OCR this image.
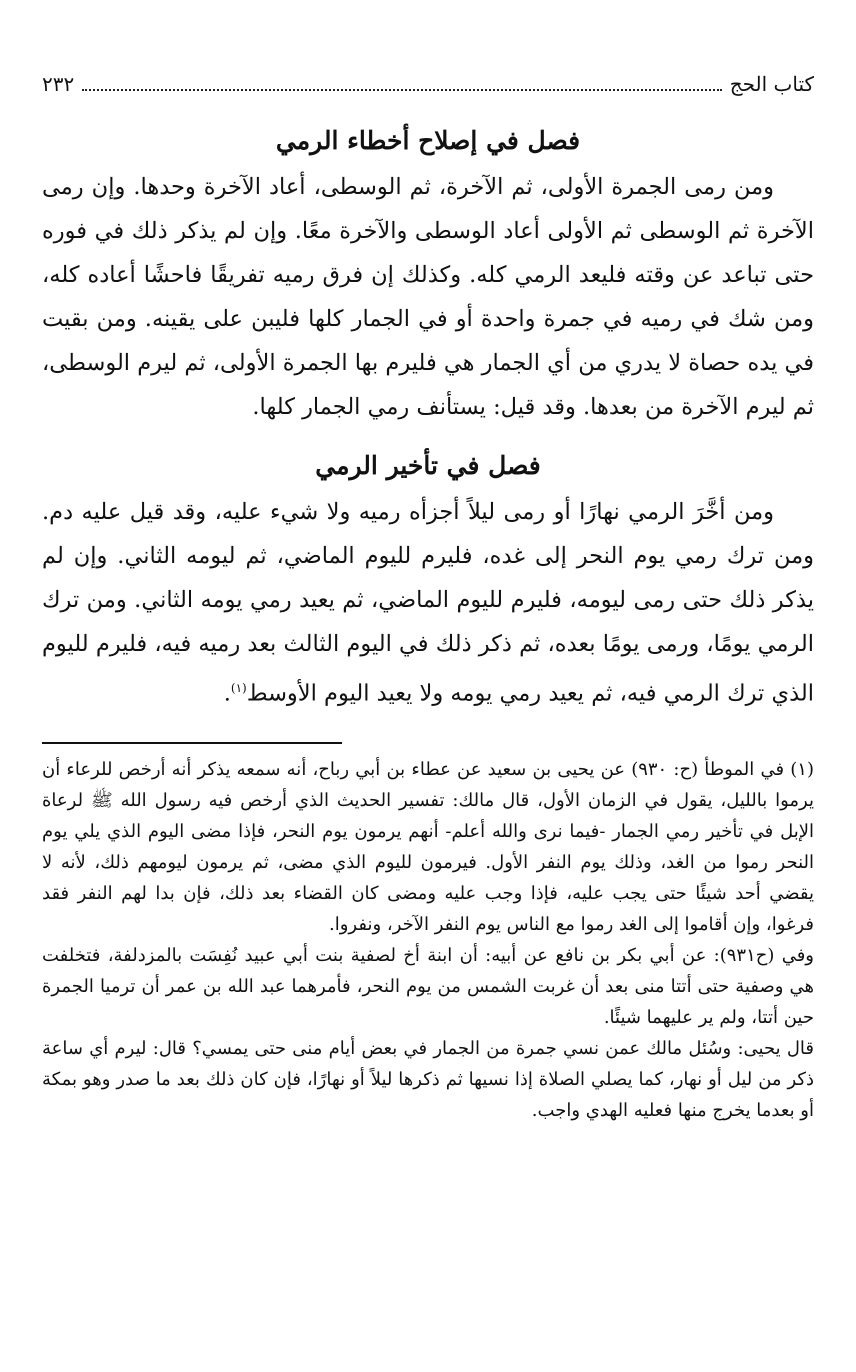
كتاب الحج
٢٣٢
فصل في إصلاح أخطاء الرمي

ومن رمى الجمرة الأولى، ثم الآخرة، ثم الوسطى، أعاد الآخرة وحدها. وإن رمى الآخرة ثم الوسطى ثم الأولى أعاد الوسطى والآخرة معًا. وإن لم يذكر ذلك في فوره حتى تباعد عن وقته فليعد الرمي كله. وكذلك إن فرق رميه تفريقًا فاحشًا أعاده كله، ومن شك في رميه في جمرة واحدة أو في الجمار كلها فليبن على يقينه. ومن بقيت في يده حصاة لا يدري من أي الجمار هي فليرم بها الجمرة الأولى، ثم ليرم الوسطى، ثم ليرم الآخرة من بعدها. وقد قيل: يستأنف رمي الجمار كلها.

فصل في تأخير الرمي

ومن أخَّرَ الرمي نهارًا أو رمى ليلاً أجزأه رميه ولا شيء عليه، وقد قيل عليه دم. ومن ترك رمي يوم النحر إلى غده، فليرم لليوم الماضي، ثم ليومه الثاني. وإن لم يذكر ذلك حتى رمى ليومه، فليرم لليوم الماضي، ثم يعيد رمي يومه الثاني. ومن ترك الرمي يومًا، ورمى يومًا بعده، ثم ذكر ذلك في اليوم الثالث بعد رميه فيه، فليرم لليوم الذي ترك الرمي فيه، ثم يعيد رمي يومه ولا يعيد اليوم الأوسط$^{(١)}$.

(١) في الموطأ (ح: ٩٣٠) عن يحيى بن سعيد عن عطاء بن أبي رباح، أنه سمعه يذكر أنه أرخص للرعاء أن يرموا بالليل، يقول في الزمان الأول، قال مالك: تفسير الحديث الذي أرخص فيه رسول الله ﷺ لرعاة الإبل في تأخير رمي الجمار -فيما نرى والله أعلم- أنهم يرمون يوم النحر، فإذا مضى اليوم الذي يلي يوم النحر رموا من الغد، وذلك يوم النفر الأول. فيرمون لليوم الذي مضى، ثم يرمون ليومهم ذلك، لأنه لا يقضي أحد شيئًا حتى يجب عليه، فإذا وجب عليه ومضى كان القضاء بعد ذلك، فإن بدا لهم النفر فقد فرغوا، وإن أقاموا إلى الغد رموا مع الناس يوم النفر الآخر، ونفروا.

وفي (ح٩٣١): عن أبي بكر بن نافع عن أبيه: أن ابنة أخ لصفية بنت أبي عبيد نُفِسَت بالمزدلفة، فتخلفت هي وصفية حتى أتتا منى بعد أن غربت الشمس من يوم النحر، فأمرهما عبد الله بن عمر أن ترميا الجمرة حين أتتا، ولم ير عليهما شيئًا.

قال يحيى: وسُئل مالك عمن نسي جمرة من الجمار في بعض أيام منى حتى يمسي؟ قال: ليرم أي ساعة ذكر من ليل أو نهار، كما يصلي الصلاة إذا نسيها ثم ذكرها ليلاً أو نهارًا، فإن كان ذلك بعد ما صدر وهو بمكة أو بعدما يخرج منها فعليه الهدي واجب.
